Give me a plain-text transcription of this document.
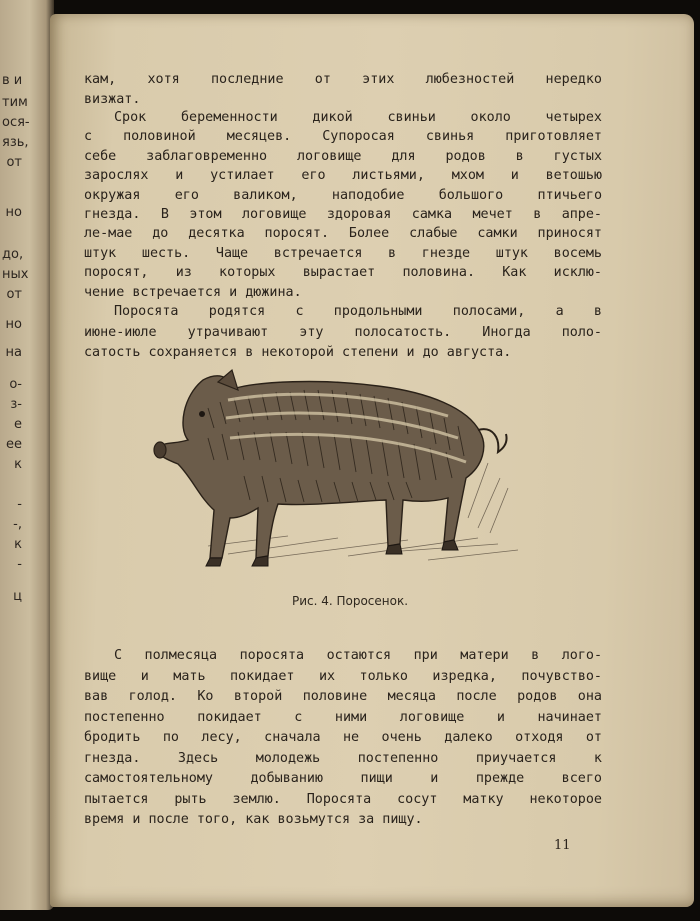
в и
тим
ося-
язь,
от
но
до,
ных
от
но
на
о-
з-
е
ее
к
-
-,
к
-
ц
кам, хотя последние от этих любезностей нередко
визжат.
Срок беременности дикой свиньи около четырех
с половиной месяцев. Супоросая свинья приготовляет
себе заблаговременно логовище для родов в густых
зарослях и устилает его листьями, мхом и ветошью
окружая его валиком, наподобие большого птичьего
гнезда. В этом логовище здоровая самка мечет в апре-
ле-мае до десятка поросят. Более слабые самки приносят
штук шесть. Чаще встречается в гнезде штук восемь
поросят, из которых вырастает половина. Как исклю-
чение встречается и дюжина.
Поросята родятся с продольными полосами, а в
июне-июле утрачивают эту полосатость. Иногда поло-
сатость сохраняется в некоторой степени и до августа.
Рис. 4. Поросенок.
С полмесяца поросята остаются при матери в лого-
вище и мать покидает их только изредка, почувство-
вав голод. Ко второй половине месяца после родов она
постепенно покидает с ними логовище и начинает
бродить по лесу, сначала не очень далеко отходя от
гнезда. Здесь молодежь постепенно приучается к
самостоятельному добыванию пищи и прежде всего
пытается рыть землю. Поросята сосут матку некоторое
время и после того, как возьмутся за пищу.
11
